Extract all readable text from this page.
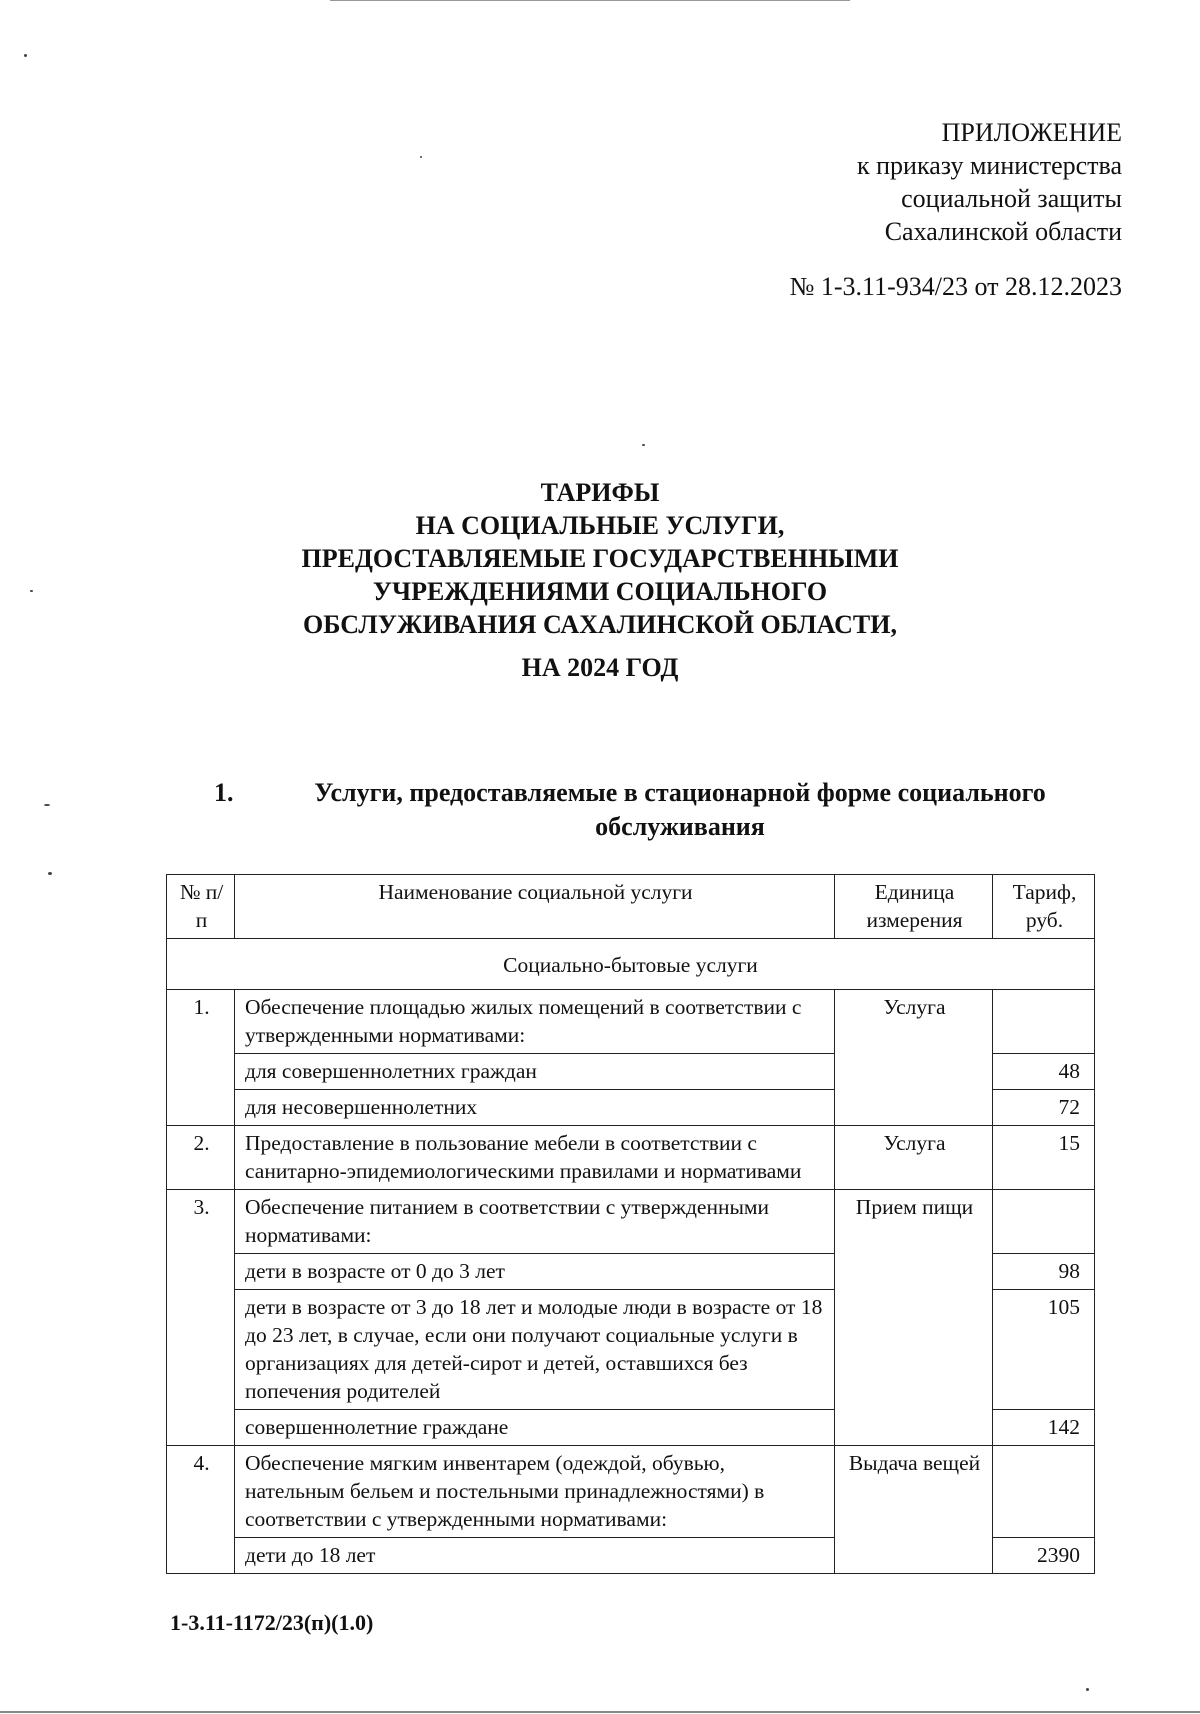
ПРИЛОЖЕНИЕ
к приказу министерства
социальной защиты
Сахалинской области
№ 1-3.11-934/23 от 28.12.2023
ТАРИФЫ
НА СОЦИАЛЬНЫЕ УСЛУГИ,
ПРЕДОСТАВЛЯЕМЫЕ ГОСУДАРСТВЕННЫМИ
УЧРЕЖДЕНИЯМИ СОЦИАЛЬНОГО
ОБСЛУЖИВАНИЯ САХАЛИНСКОЙ ОБЛАСТИ,
НА 2024 ГОД
1.	Услуги, предоставляемые в стационарной форме социального обслуживания
№ п/п	Наименование социальной услуги	Единица измерения	Тариф, руб.
Социально-бытовые услуги			
1.	Обеспечение площадью жилых помещений в соответствии с утвержденными нормативами:	Услуга	
	для совершеннолетних граждан		48
	для несовершеннолетних		72
2.	Предоставление в пользование мебели в соответствии с санитарно-эпидемиологическими правилами и нормативами	Услуга	15
3.	Обеспечение питанием в соответствии с утвержденными нормативами:	Прием пищи	
	дети в возрасте от 0 до 3 лет		98
	дети в возрасте от 3 до 18 лет и молодые люди в возрасте от 18 до 23 лет, в случае, если они получают социальные услуги в организациях для детей-сирот и детей, оставшихся без попечения родителей		105
	совершеннолетние граждане		142
4.	Обеспечение мягким инвентарем (одеждой, обувью, нательным бельем и постельными принадлежностями) в соответствии с утвержденными нормативами:	Выдача вещей	
	дети до 18 лет		2390
1-3.11-1172/23(п)(1.0)
